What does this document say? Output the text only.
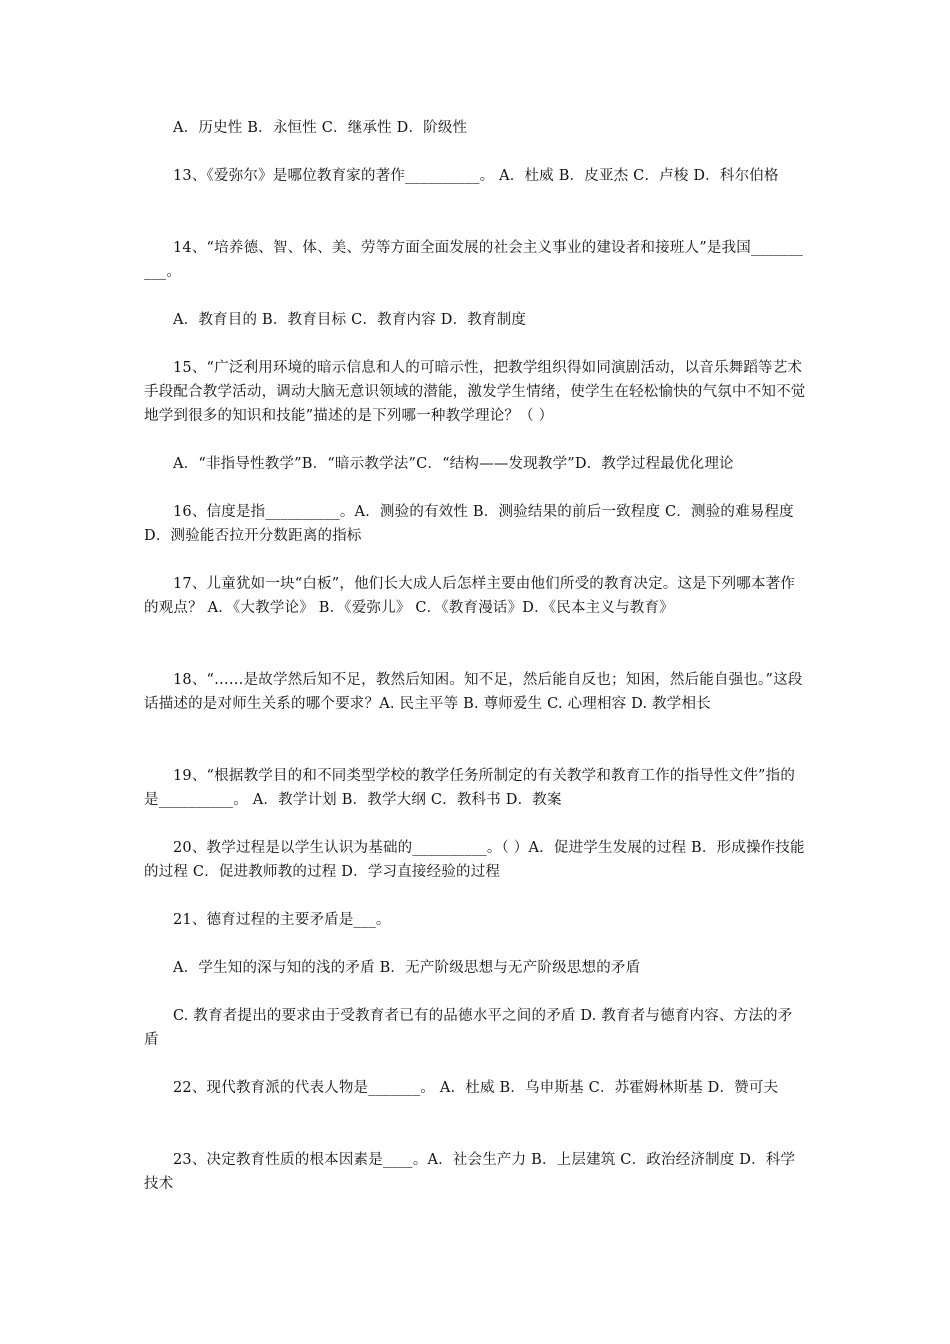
A．历史性 B．永恒性 C．继承性 D．阶级性

13、《爱弥尔》是哪位教育家的著作__________。 A．杜威 B．皮亚杰 C．卢梭 D．科尔伯格

14、“培养德、智、体、美、劳等方面全面发展的社会主义事业的建设者和接班人”是我国__________。

A．教育目的 B．教育目标 C．教育内容 D．教育制度

15、“广泛利用环境的暗示信息和人的可暗示性，把教学组织得如同演剧活动，以音乐舞蹈等艺术手段配合教学活动，调动大脑无意识领域的潜能，激发学生情绪，使学生在轻松愉快的气氛中不知不觉地学到很多的知识和技能”描述的是下列哪一种教学理论？（ ）

A．“非指导性教学”B．“暗示教学法”C．“结构——发现教学”D．教学过程最优化理论

16、信度是指__________。A．测验的有效性 B．测验结果的前后一致程度 C．测验的难易程度 D．测验能否拉开分数距离的指标

17、儿童犹如一块“白板”，他们长大成人后怎样主要由他们所受的教育决定。这是下列哪本著作的观点？ A．《大教学论》 B．《爱弥儿》 C．《教育漫话》D．《民本主义与教育》

18、“……是故学然后知不足，教然后知困。知不足，然后能自反也；知困，然后能自强也。”这段话描述的是对师生关系的哪个要求？A. 民主平等 B. 尊师爱生 C. 心理相容 D. 教学相长

19、“根据教学目的和不同类型学校的教学任务所制定的有关教学和教育工作的指导性文件”指的是__________。 A．教学计划 B．教学大纲 C．教科书 D．教案

20、教学过程是以学生认识为基础的__________。（ ）A．促进学生发展的过程 B．形成操作技能的过程 C．促进教师教的过程 D．学习直接经验的过程

21、德育过程的主要矛盾是___。

A．学生知的深与知的浅的矛盾 B．无产阶级思想与无产阶级思想的矛盾

C. 教育者提出的要求由于受教育者已有的品德水平之间的矛盾 D. 教育者与德育内容、方法的矛盾

22、现代教育派的代表人物是_______。 A．杜威 B．乌申斯基 C．苏霍姆林斯基 D．赞可夫

23、决定教育性质的根本因素是____。A．社会生产力 B．上层建筑 C．政治经济制度 D．科学技术
